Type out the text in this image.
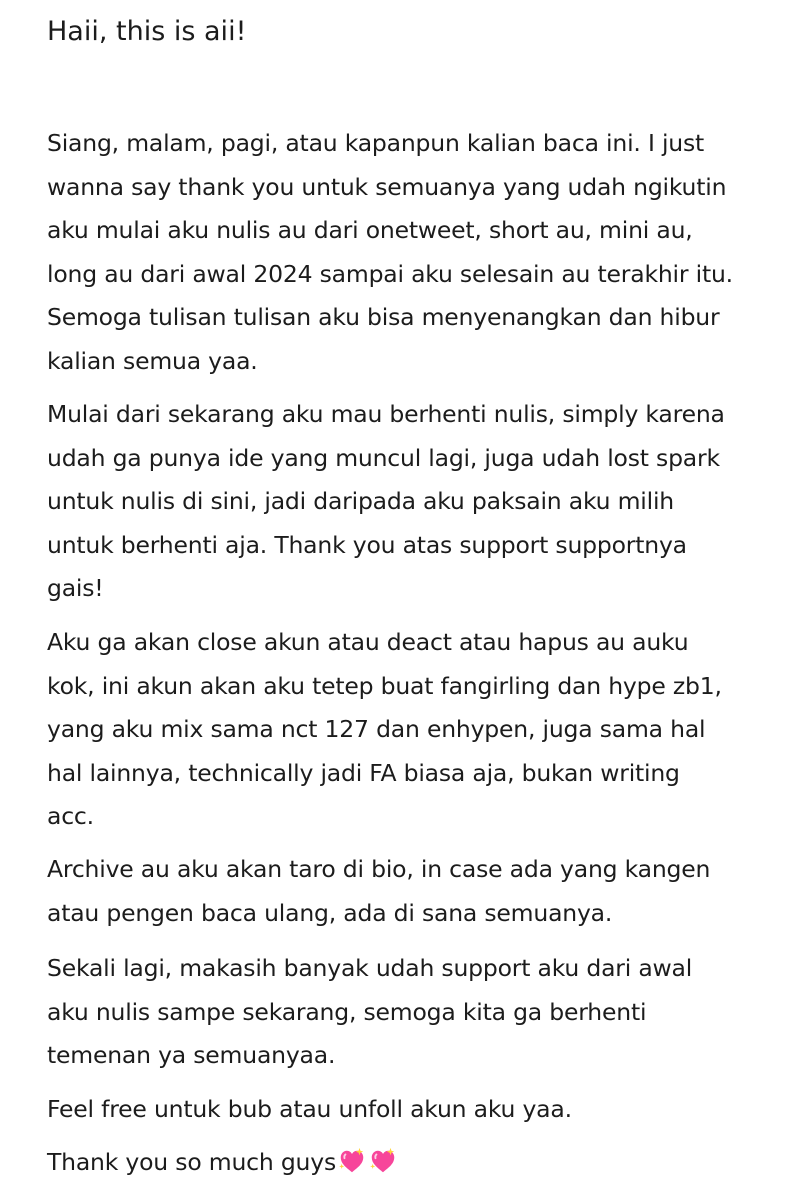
Haii, this is aii!

Siang, malam, pagi, atau kapanpun kalian baca ini. I just
wanna say thank you untuk semuanya yang udah ngikutin
aku mulai aku nulis au dari onetweet, short au, mini au,
long au dari awal 2024 sampai aku selesain au terakhir itu.
Semoga tulisan tulisan aku bisa menyenangkan dan hibur
kalian semua yaa.

Mulai dari sekarang aku mau berhenti nulis, simply karena
udah ga punya ide yang muncul lagi, juga udah lost spark
untuk nulis di sini, jadi daripada aku paksain aku milih
untuk berhenti aja. Thank you atas support supportnya
gais!

Aku ga akan close akun atau deact atau hapus au auku
kok, ini akun akan aku tetep buat fangirling dan hype zb1,
yang aku mix sama nct 127 dan enhypen, juga sama hal
hal lainnya, technically jadi FA biasa aja, bukan writing
acc.

Archive au aku akan taro di bio, in case ada yang kangen
atau pengen baca ulang, ada di sana semuanya.

Sekali lagi, makasih banyak udah support aku dari awal
aku nulis sampe sekarang, semoga kita ga berhenti
temenan ya semuanyaa.

Feel free untuk bub atau unfoll akun aku yaa.

Thank you so much guys
